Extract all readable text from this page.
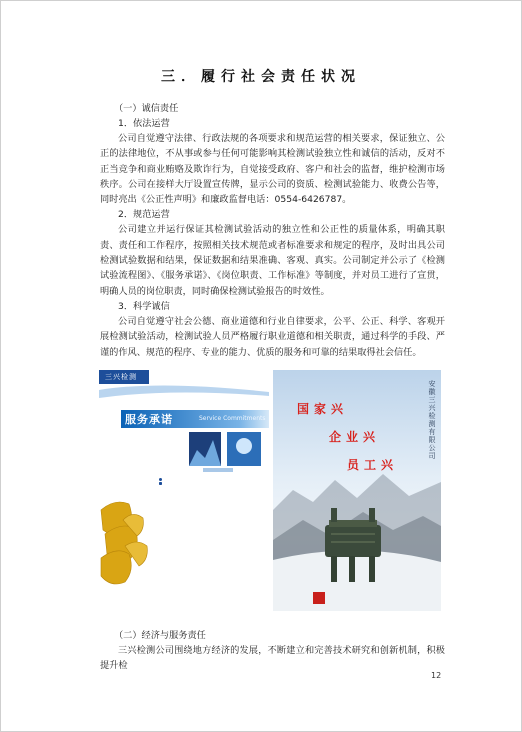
三．履行社会责任状况

（一）诚信责任

1．依法运营

公司自觉遵守法律、行政法规的各项要求和规范运营的相关要求，保证独立、公正的法律地位，不从事或参与任何可能影响其检测试验独立性和诚信的活动，反对不正当竞争和商业贿赂及欺诈行为，自觉接受政府、客户和社会的监督，维护检测市场秩序。公司在接样大厅设置宣传牌，显示公司的资质、检测试验能力、收费公告等，同时亮出《公正性声明》和廉政监督电话：0554-6426787。

2．规范运营

公司建立并运行保证其检测试验活动的独立性和公正性的质量体系，明确其职责、责任和工作程序，按照相关技术规范或者标准要求和规定的程序，及时出具公司检测试验数据和结果，保证数据和结果准确、客观、真实。公司制定并公示了《检测试验流程图》、《服务承诺》、《岗位职责、工作标准》等制度，并对员工进行了宣贯，明确人员的岗位职责，同时确保检测试验报告的时效性。

3．科学诚信

公司自觉遵守社会公德、商业道德和行业自律要求，公平、公正、科学、客观开展检测试验活动，检测试验人员严格履行职业道德和相关职责，通过科学的手段、严谨的作风、规范的程序、专业的能力、优质的服务和可靠的结果取得社会信任。

三兴检测
服务承诺	Service Commitments
国家兴
企业兴
员工兴
安徽三兴检测有限公司

（二）经济与服务责任

三兴检测公司围绕地方经济的发展，不断建立和完善技术研究和创新机制，积极提升检

12
